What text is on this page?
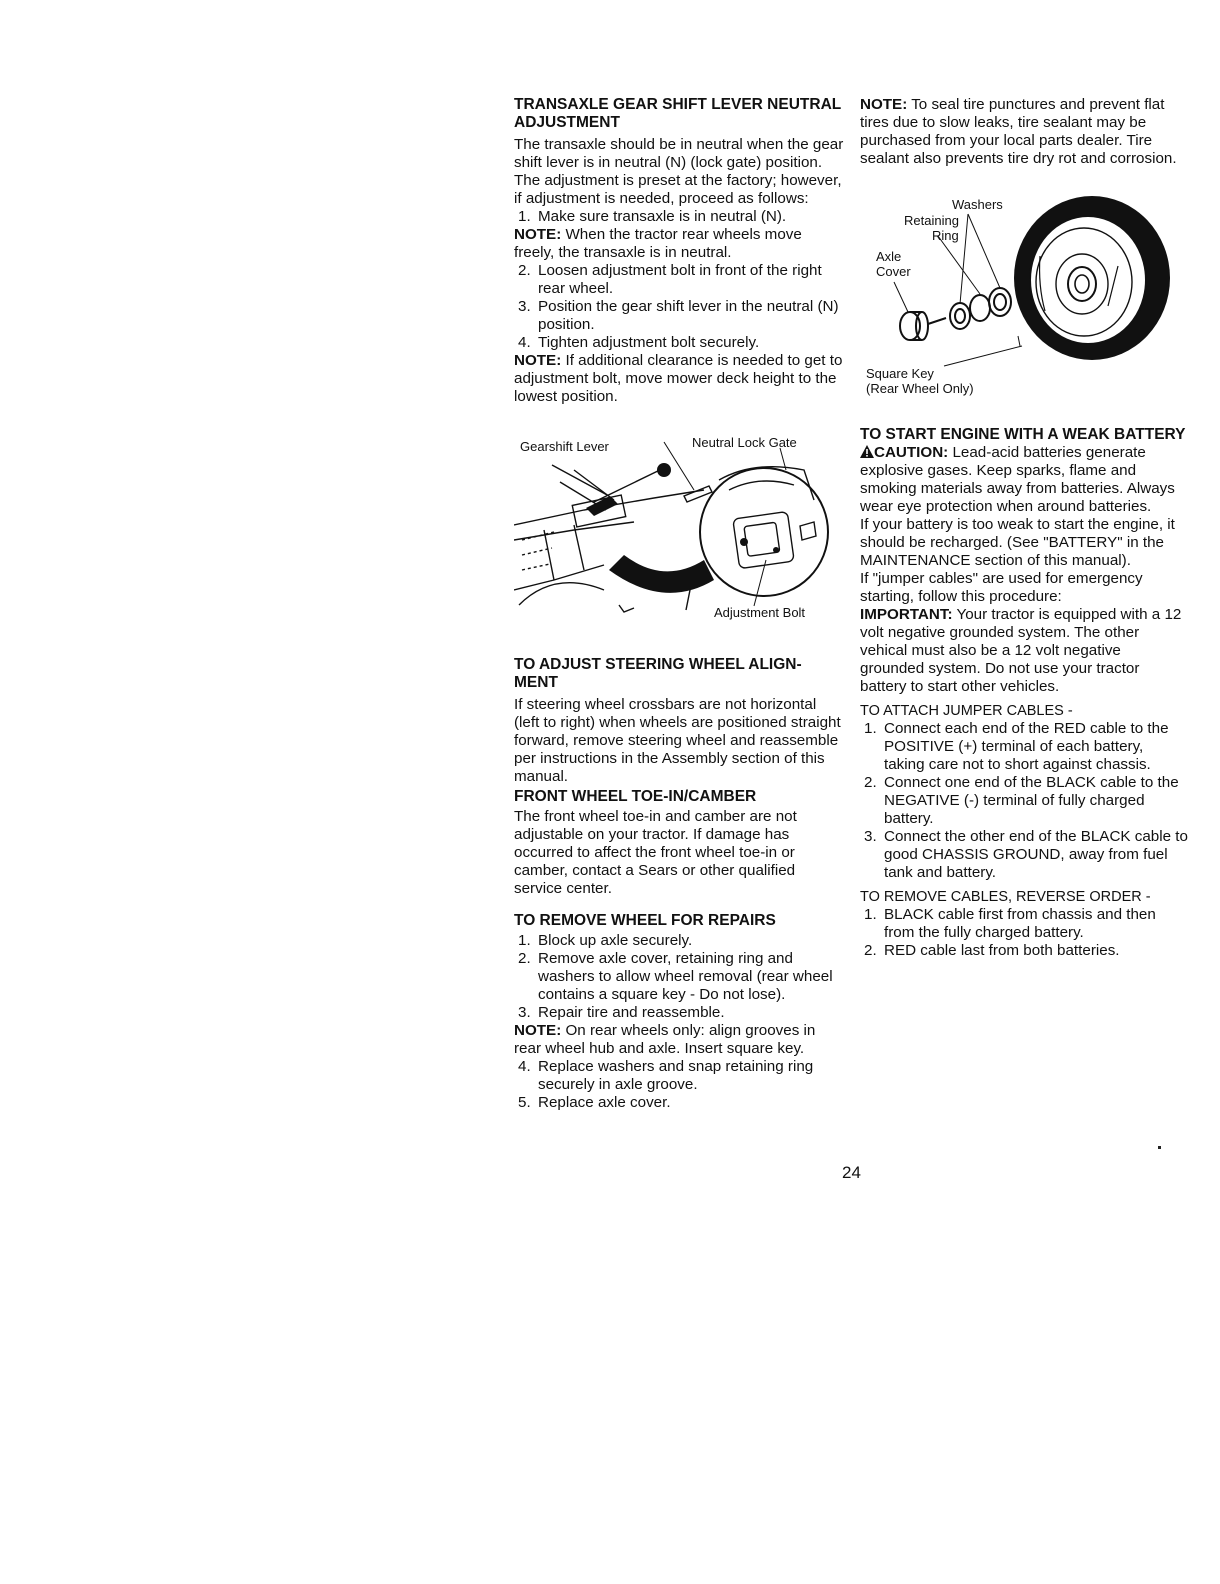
TRANSAXLE GEAR SHIFT LEVER NEUTRAL ADJUSTMENT

The transaxle should be in neutral when the gear shift lever is in neutral (N) (lock gate) position. The adjustment is preset at the factory; however, if adjustment is needed, proceed as follows:

1. Make sure transaxle is in neutral (N).

NOTE: When the tractor rear wheels move freely, the transaxle is in neutral.

2. Loosen adjustment bolt in front of the right rear wheel.
3. Position the gear shift lever in the neutral (N) position.
4. Tighten adjustment bolt securely.

NOTE: If additional clearance is needed to get to adjustment bolt, move mower deck height to the lowest position.

Gearshift Lever	Neutral Lock Gate
Adjustment Bolt
TO ADJUST STEERING WHEEL ALIGN- MENT

If steering wheel crossbars are not horizontal (left to right) when wheels are positioned straight forward, remove steering wheel and reassemble per instructions in the Assembly section of this manual.

FRONT WHEEL TOE-IN/CAMBER

The front wheel toe-in and camber are not adjustable on your tractor. If damage has occurred to affect the front wheel toe-in or camber, contact a Sears or other qualified service center.

TO REMOVE WHEEL FOR REPAIRS
1. Block up axle securely.
2. Remove axle cover, retaining ring and washers to allow wheel removal (rear wheel contains a square key - Do not lose).
3. Repair tire and reassemble.

NOTE: On rear wheels only: align grooves in rear wheel hub and axle. Insert square key.

4. Replace washers and snap retaining ring securely in axle groove.
5. Replace axle cover.

NOTE: To seal tire punctures and prevent flat tires due to slow leaks, tire sealant may be purchased from your local parts dealer. Tire sealant also prevents tire dry rot and corrosion.

Washers
Retaining
Ring
Axle
Cover
Square Key
(Rear Wheel Only)
TO START ENGINE WITH A WEAK BATTERY

CAUTION: Lead-acid batteries generate explosive gases. Keep sparks, flame and smoking materials away from batteries. Always wear eye protection when around batteries.

If your battery is too weak to start the engine, it should be recharged. (See "BATTERY" in the MAINTENANCE section of this manual).

If "jumper cables" are used for emergency starting, follow this procedure:

IMPORTANT: Your tractor is equipped with a 12 volt negative grounded system. The other vehical must also be a 12 volt negative grounded system. Do not use your tractor battery to start other vehicles.

TO ATTACH JUMPER CABLES -

1. Connect each end of the RED cable to the POSITIVE (+) terminal of each battery, taking care not to short against chassis.
2. Connect one end of the BLACK cable to the NEGATIVE (-) terminal of fully charged battery.
3. Connect the other end of the BLACK cable to good CHASSIS GROUND, away from fuel tank and battery.

TO REMOVE CABLES, REVERSE ORDER -

1. BLACK cable first from chassis and then from the fully charged battery.
2. RED cable last from both batteries.
24
